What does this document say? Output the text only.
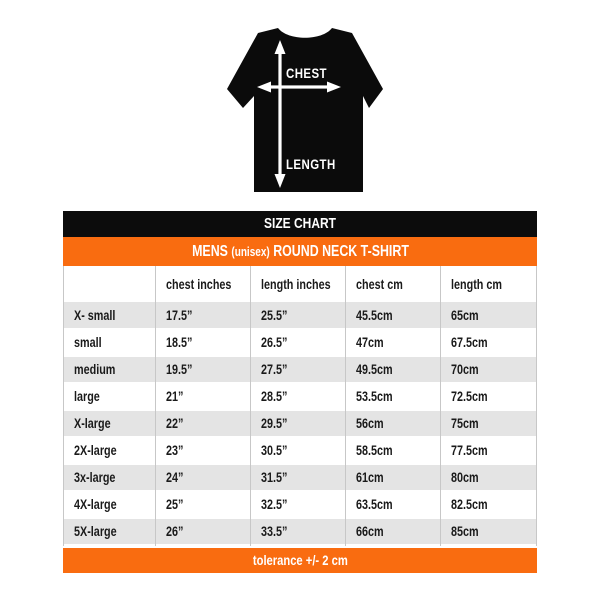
CHEST
LENGTH
SIZE CHART
MENS (unisex) ROUND NECK T-SHIRT
	chest inches	length inches	chest cm	length cm
X- small	17.5”	25.5”	45.5cm	65cm
small	18.5”	26.5”	47cm	67.5cm
medium	19.5”	27.5”	49.5cm	70cm
large	21”	28.5”	53.5cm	72.5cm
X-large	22”	29.5”	56cm	75cm
2X-large	23”	30.5”	58.5cm	77.5cm
3x-large	24”	31.5”	61cm	80cm
4X-large	25”	32.5”	63.5cm	82.5cm
5X-large	26”	33.5”	66cm	85cm
tolerance +/- 2 cm
